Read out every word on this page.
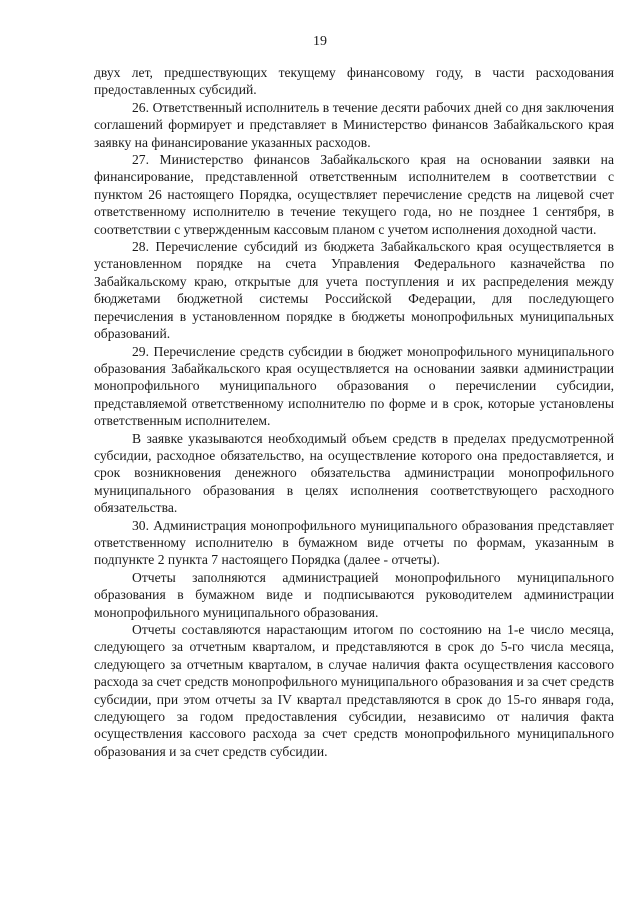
19

двух лет, предшествующих текущему финансовому году, в части расходования предоставленных субсидий.

26. Ответственный исполнитель в течение десяти рабочих дней со дня заключения соглашений формирует и представляет в Министерство финансов Забайкальского края заявку на финансирование указанных расходов.

27. Министерство финансов Забайкальского края на основании заявки на финансирование, представленной ответственным исполнителем в соответствии с пунктом 26 настоящего Порядка, осуществляет перечисление средств на лицевой счет ответственному исполнителю в течение текущего года, но не позднее 1 сентября, в соответствии с утвержденным кассовым планом с учетом исполнения доходной части.

28. Перечисление субсидий из бюджета Забайкальского края осуществляется в установленном порядке на счета Управления Федерального казначейства по Забайкальскому краю, открытые для учета поступления и их распределения между бюджетами бюджетной системы Российской Федерации, для последующего перечисления в установленном порядке в бюджеты монопрофильных муниципальных образований.

29. Перечисление средств субсидии в бюджет монопрофильного муниципального образования Забайкальского края осуществляется на основании заявки администрации монопрофильного муниципального образования о перечислении субсидии, представляемой ответственному исполнителю по форме и в срок, которые установлены ответственным исполнителем.

В заявке указываются необходимый объем средств в пределах предусмотренной субсидии, расходное обязательство, на осуществление которого она предоставляется, и срок возникновения денежного обязательства администрации монопрофильного муниципального образования в целях исполнения соответствующего расходного обязательства.

30. Администрация монопрофильного муниципального образования представляет ответственному исполнителю в бумажном виде отчеты по формам, указанным в подпункте 2 пункта 7 настоящего Порядка (далее - отчеты).

Отчеты заполняются администрацией монопрофильного муниципального образования в бумажном виде и подписываются руководителем администрации монопрофильного муниципального образования.

Отчеты составляются нарастающим итогом по состоянию на 1-е число месяца, следующего за отчетным кварталом, и представляются в срок до 5-го числа месяца, следующего за отчетным кварталом, в случае наличия факта осуществления кассового расхода за счет средств монопрофильного муниципального образования и за счет средств субсидии, при этом отчеты за IV квартал представляются в срок до 15-го января года, следующего за годом предоставления субсидии, независимо от наличия факта осуществления кассового расхода за счет средств монопрофильного муниципального образования и за счет средств субсидии.
